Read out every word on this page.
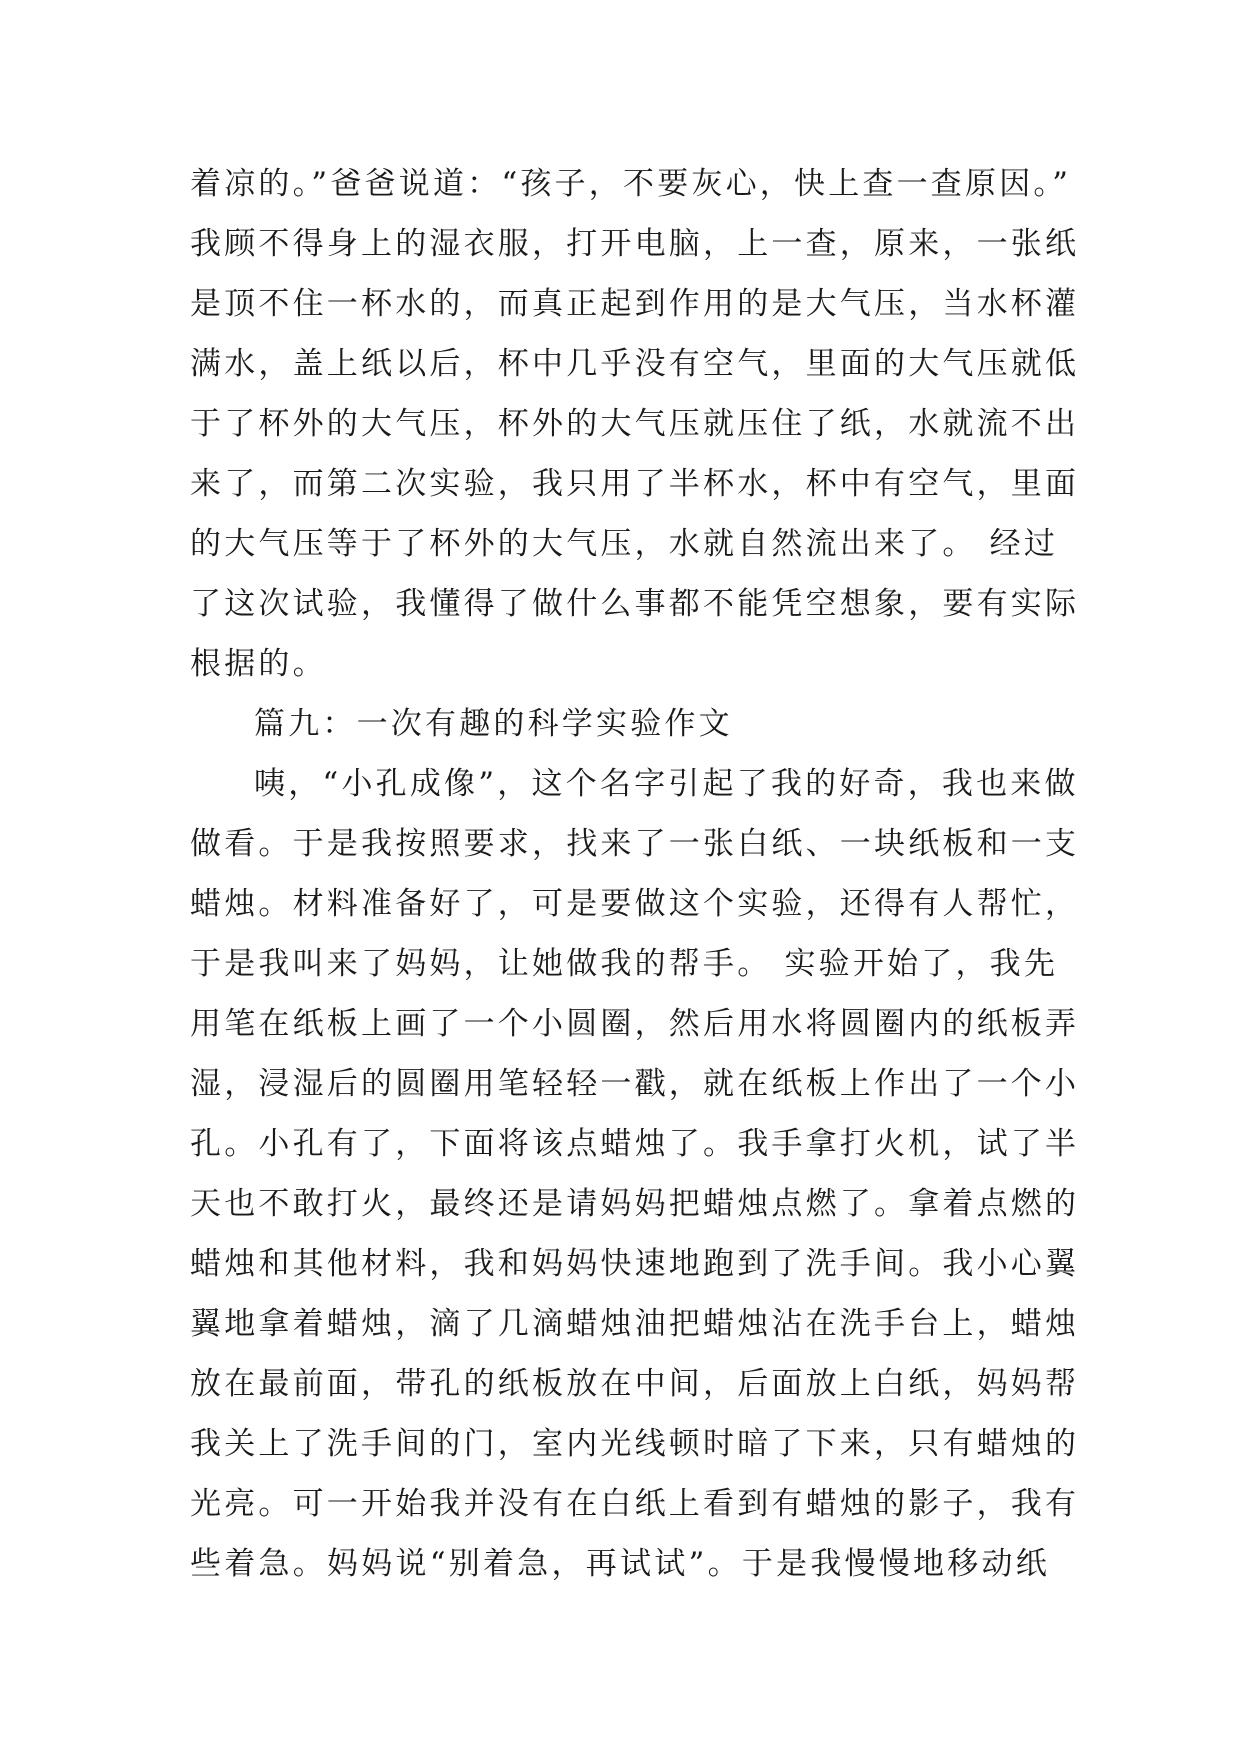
着凉的。”爸爸说道：“孩子，不要灰心，快上查一查原因。”
我顾不得身上的湿衣服，打开电脑，上一查，原来，一张纸
是顶不住一杯水的，而真正起到作用的是大气压，当水杯灌
满水，盖上纸以后，杯中几乎没有空气，里面的大气压就低
于了杯外的大气压，杯外的大气压就压住了纸，水就流不出
来了，而第二次实验，我只用了半杯水，杯中有空气，里面
的大气压等于了杯外的大气压，水就自然流出来了。 经过
了这次试验，我懂得了做什么事都不能凭空想象，要有实际
根据的。
篇九：一次有趣的科学实验作文
咦，“小孔成像”，这个名字引起了我的好奇，我也来做
做看。于是我按照要求，找来了一张白纸、一块纸板和一支
蜡烛。材料准备好了，可是要做这个实验，还得有人帮忙，
于是我叫来了妈妈，让她做我的帮手。 实验开始了，我先
用笔在纸板上画了一个小圆圈，然后用水将圆圈内的纸板弄
湿，浸湿后的圆圈用笔轻轻一戳，就在纸板上作出了一个小
孔。小孔有了，下面将该点蜡烛了。我手拿打火机，试了半
天也不敢打火，最终还是请妈妈把蜡烛点燃了。拿着点燃的
蜡烛和其他材料，我和妈妈快速地跑到了洗手间。我小心翼
翼地拿着蜡烛，滴了几滴蜡烛油把蜡烛沾在洗手台上，蜡烛
放在最前面，带孔的纸板放在中间，后面放上白纸，妈妈帮
我关上了洗手间的门，室内光线顿时暗了下来，只有蜡烛的
光亮。可一开始我并没有在白纸上看到有蜡烛的影子，我有
些着急。妈妈说“别着急，再试试”。于是我慢慢地移动纸
